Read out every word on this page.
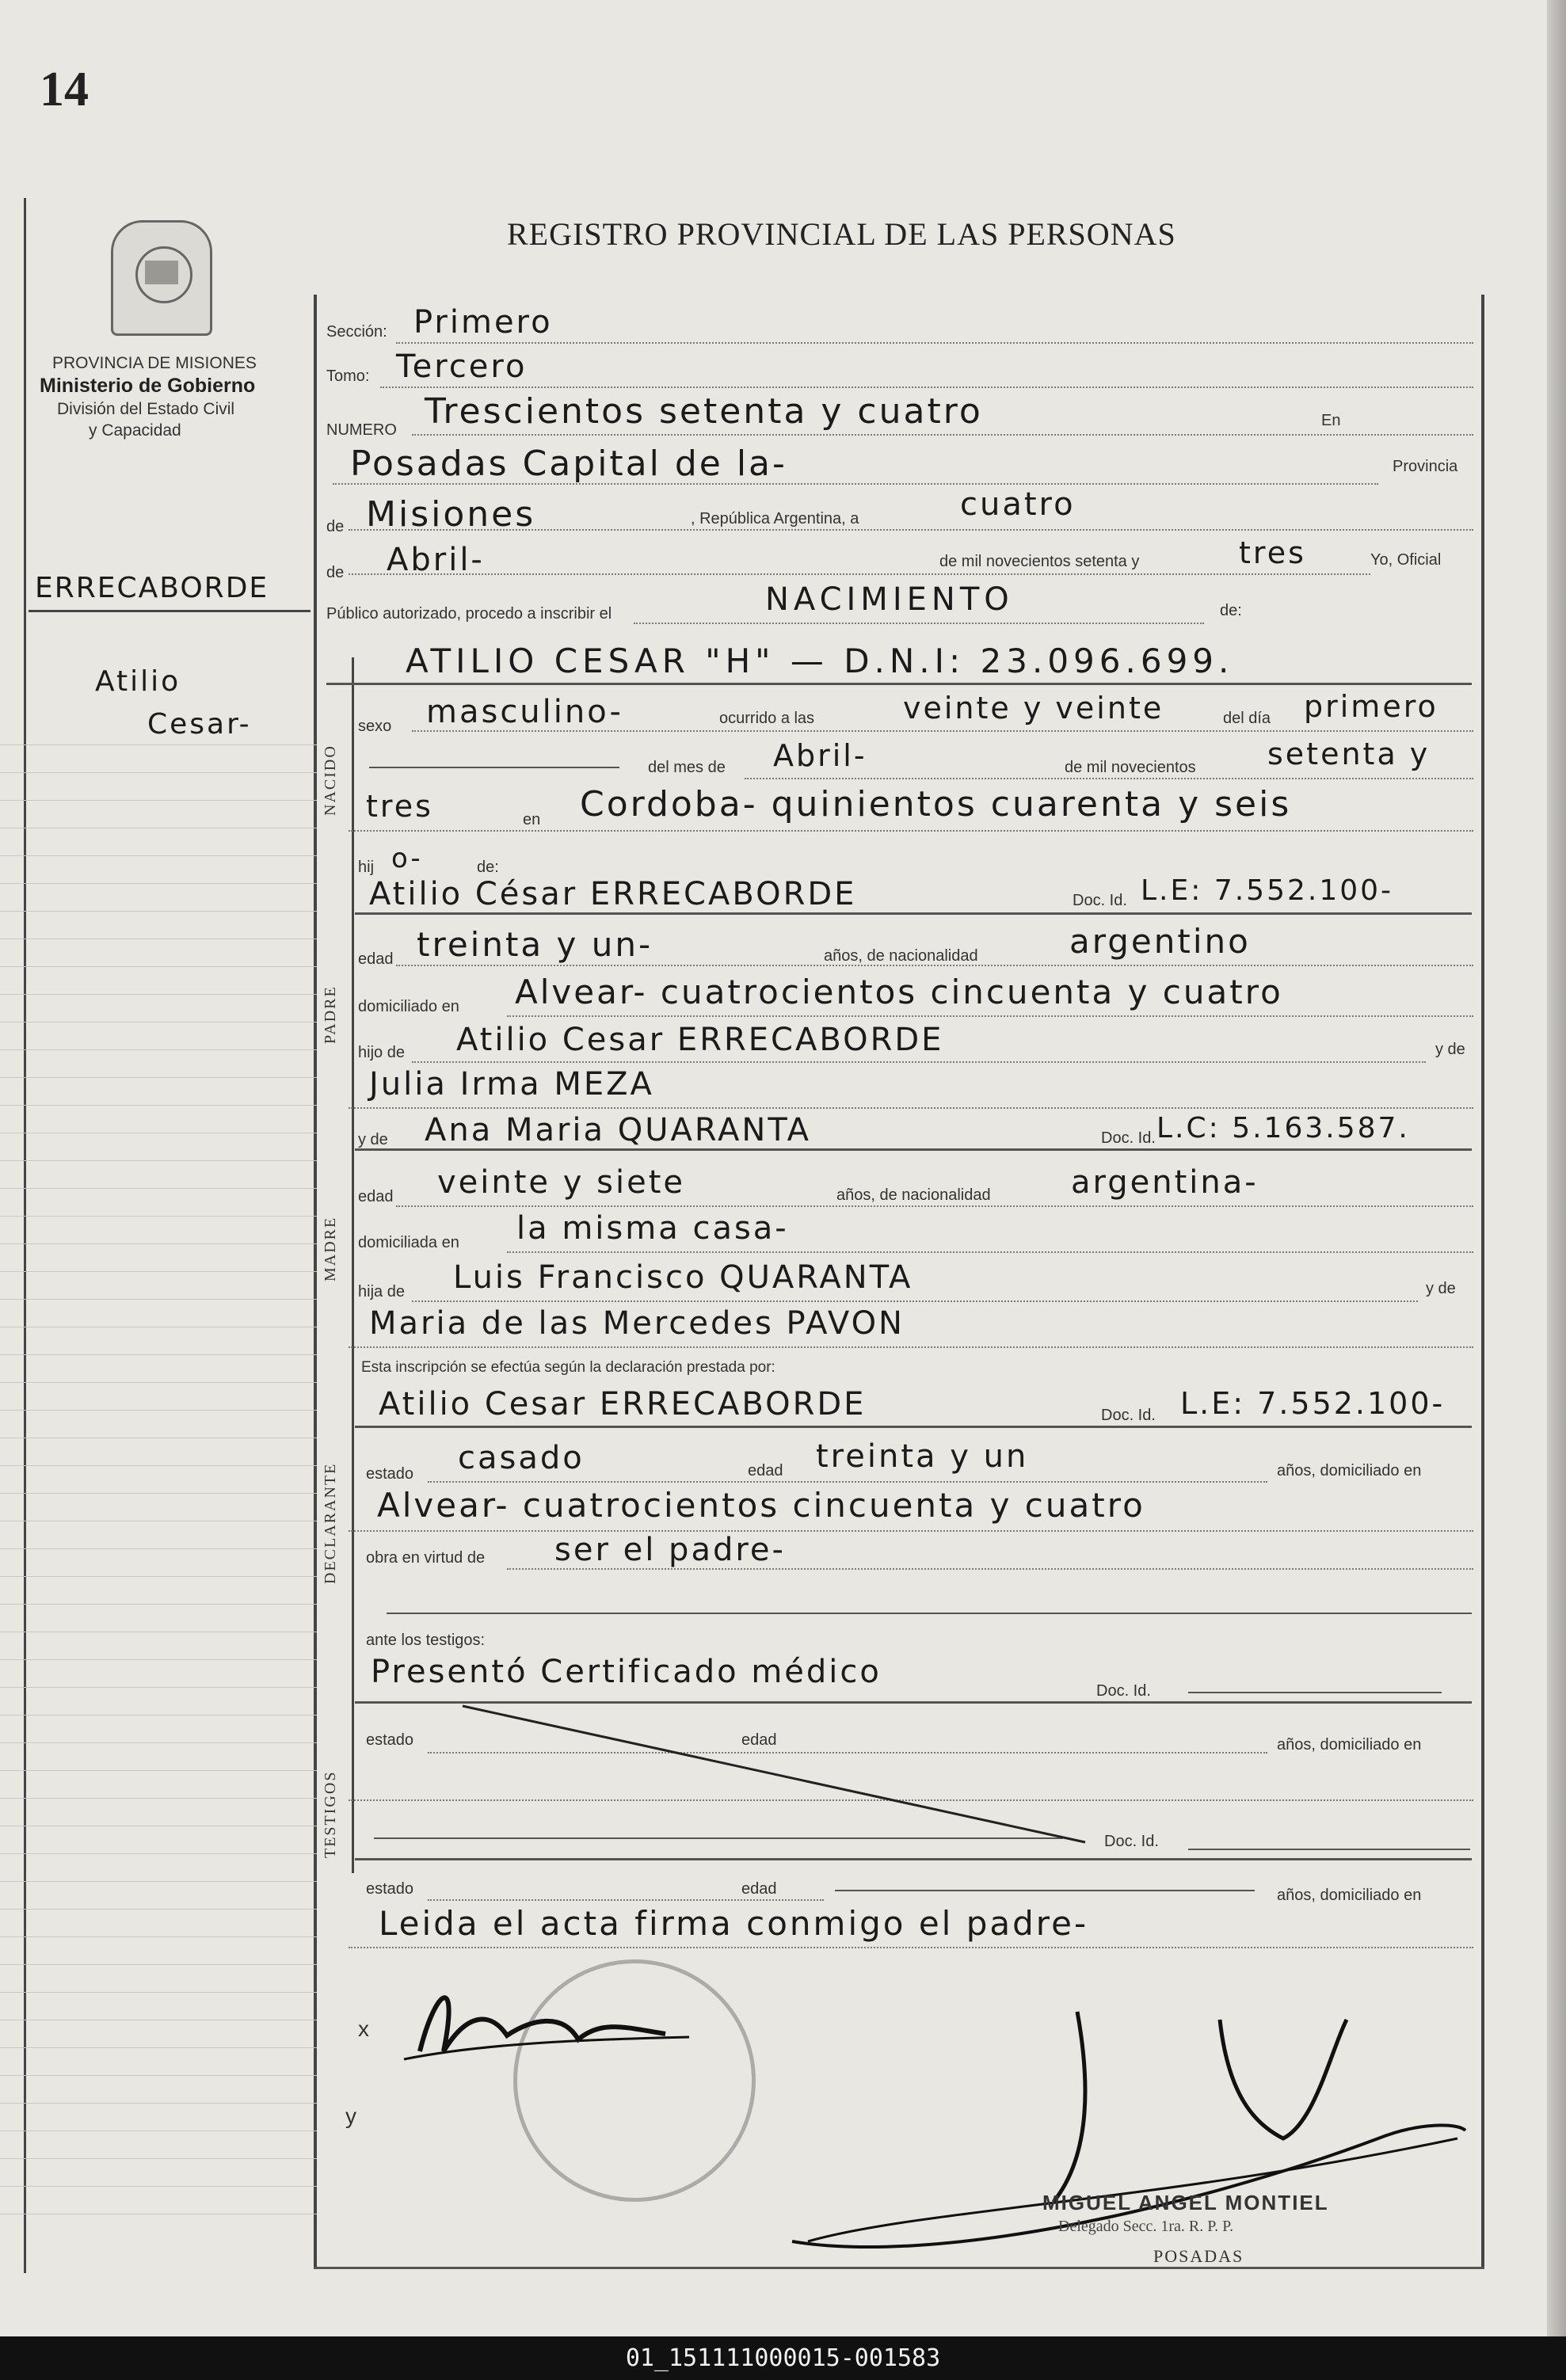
14
REGISTRO PROVINCIAL DE LAS PERSONAS
PROVINCIA DE MISIONES
Ministerio de Gobierno
División del Estado Civil
y Capacidad
ERRECABORDE
Atilio
Cesar-
Sección: Primero
Tomo: Tercero
NUMERO Trescientos setenta y cuatro	En
Posadas Capital de la-	Provincia
de Misiones	, República Argentina, a	cuatro
de Abril-	de mil novecientos setenta y	tres	Yo, Oficial
Público autorizado, procedo a inscribir el	NACIMIENTO	de:
ATILIO CESAR "H" — D.N.I: 23.096.699.
NACIDO
sexo masculino-	ocurrido a las	veinte y veinte	del día primero
del mes de Abril-	de mil novecientos setenta y
tres	en Cordoba- quinientos cuarenta y seis
hij o-	de:
Atilio César ERRECABORDE	Doc. Id. L.E: 7.552.100-
PADRE
edad treinta y un-	años, de nacionalidad	argentino
domiciliado en Alvear- cuatrocientos cincuenta y cuatro
hijo de Atilio Cesar ERRECABORDE	y de
Julia Irma MEZA
y de Ana Maria QUARANTA	Doc. Id. L.C: 5.163.587.
MADRE
edad veinte y siete	años, de nacionalidad	argentina-
domiciliada en la misma casa-
hija de Luis Francisco QUARANTA	y de
Maria de las Mercedes PAVON
Esta inscripción se efectúa según la declaración prestada por:
Atilio Cesar ERRECABORDE	Doc. Id. L.E: 7.552.100-
DECLARANTE estado casado	edad treinta y un	años, domiciliado en
Alvear- cuatrocientos cincuenta y cuatro
obra en virtud de ser el padre-
ante los testigos:
Presentó Certificado médico
Doc. Id.
TESTIGOS
estado	edad	años, domiciliado en
Doc. Id.
estado	edad	años, domiciliado en
Leida el acta firma conmigo el padre-
x
y
MIGUEL ANGEL MONTIEL
Delegado Secc. 1ra. R. P. P.
POSADAS
01_151111000015-001583
